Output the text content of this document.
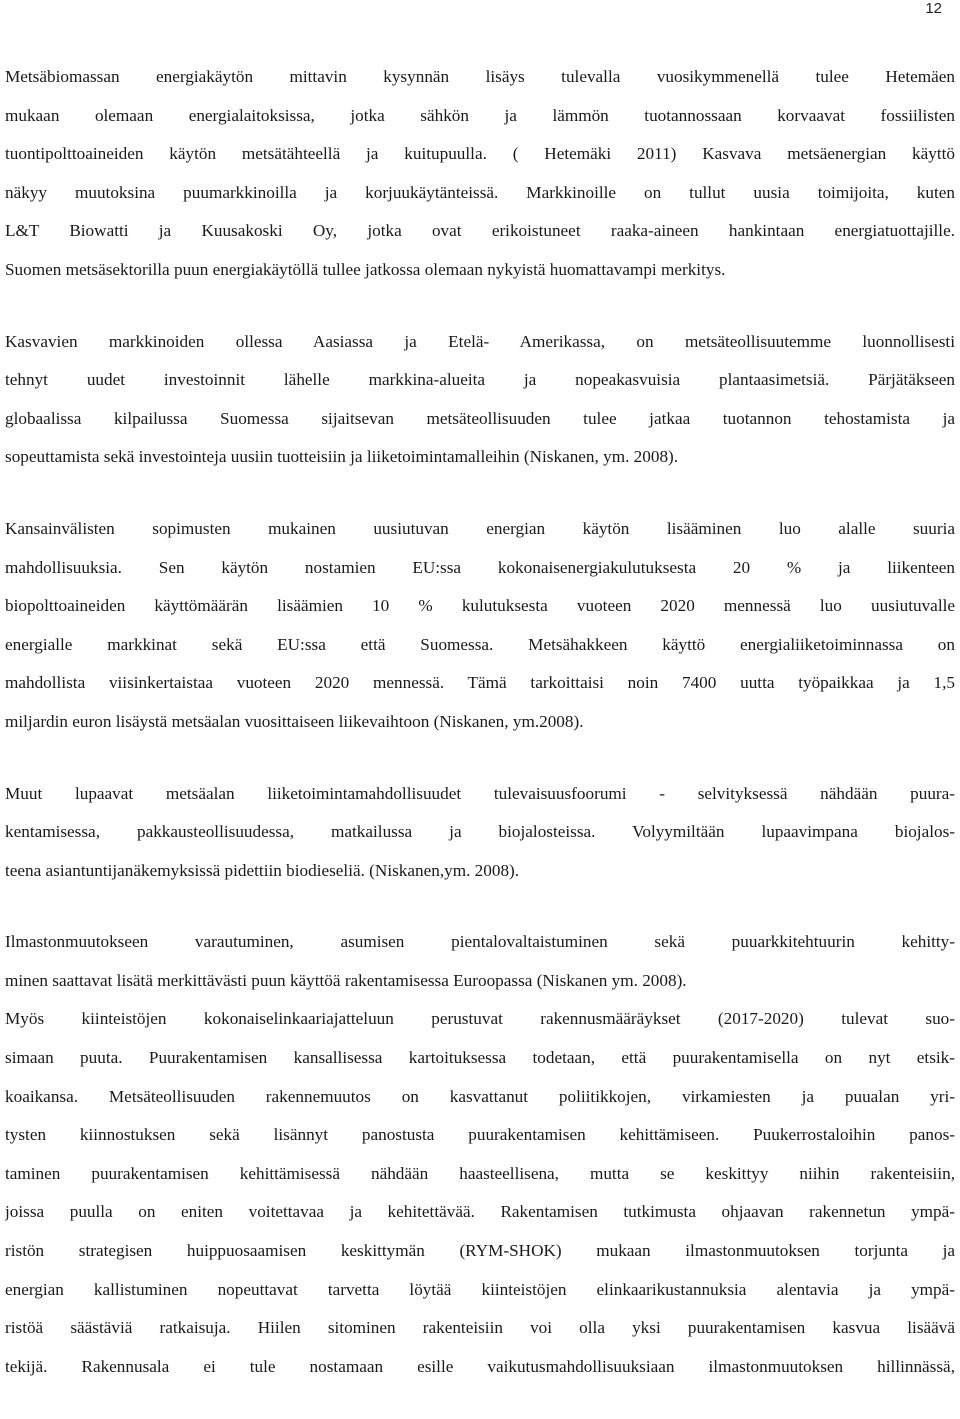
12
Metsäbiomassan energiakäytön mittavin kysynnän lisäys tulevalla vuosikymmenellä tulee Hetemäen
mukaan olemaan energialaitoksissa, jotka sähkön ja lämmön tuotannossaan korvaavat fossiilisten
tuontipolttoaineiden käytön metsätähteellä ja kuitupuulla. ( Hetemäki 2011) Kasvava metsäenergian käyttö
näkyy muutoksina puumarkkinoilla ja korjuukäytänteissä. Markkinoille on tullut uusia toimijoita, kuten
L&T Biowatti ja Kuusakoski Oy, jotka ovat erikoistuneet raaka-aineen hankintaan energiatuottajille.
Suomen metsäsektorilla puun energiakäytöllä tullee jatkossa olemaan nykyistä huomattavampi merkitys.
Kasvavien markkinoiden ollessa Aasiassa ja Etelä- Amerikassa, on metsäteollisuutemme luonnollisesti
tehnyt uudet investoinnit lähelle markkina-alueita ja nopeakasvuisia plantaasimetsiä. Pärjätäkseen
globaalissa kilpailussa Suomessa sijaitsevan metsäteollisuuden tulee jatkaa tuotannon tehostamista ja
sopeuttamista sekä investointeja uusiin tuotteisiin ja liiketoimintamalleihin (Niskanen, ym. 2008).
Kansainvälisten sopimusten mukainen uusiutuvan energian käytön lisääminen luo alalle suuria
mahdollisuuksia. Sen käytön nostamien EU:ssa kokonaisenergiakulutuksesta 20 % ja liikenteen
biopolttoaineiden käyttömäärän lisäämien 10 % kulutuksesta vuoteen 2020 mennessä luo uusiutuvalle
energialle markkinat sekä EU:ssa että Suomessa. Metsähakkeen käyttö energialiiketoiminnassa on
mahdollista viisinkertaistaa vuoteen 2020 mennessä. Tämä tarkoittaisi noin 7400 uutta työpaikkaa ja 1,5
miljardin euron lisäystä metsäalan vuosittaiseen liikevaihtoon (Niskanen, ym.2008).
Muut lupaavat metsäalan liiketoimintamahdollisuudet tulevaisuusfoorumi - selvityksessä nähdään puura-
kentamisessa, pakkausteollisuudessa, matkailussa ja biojalosteissa. Volyymiltään lupaavimpana biojalos-
teena asiantuntijanäkemyksissä pidettiin biodieseliä. (Niskanen,ym. 2008).
Ilmastonmuutokseen varautuminen, asumisen pientalovaltaistuminen sekä puuarkkitehtuurin kehitty-
minen saattavat lisätä merkittävästi puun käyttöä rakentamisessa Euroopassa (Niskanen ym. 2008).
Myös kiinteistöjen kokonaiselinkaariajatteluun perustuvat rakennusmääräykset (2017-2020) tulevat suo-
simaan puuta. Puurakentamisen kansallisessa kartoituksessa todetaan, että puurakentamisella on nyt etsik-
koaikansa. Metsäteollisuuden rakennemuutos on kasvattanut poliitikkojen, virkamiesten ja puualan yri-
tysten kiinnostuksen sekä lisännyt panostusta puurakentamisen kehittämiseen. Puukerrostaloihin panos-
taminen puurakentamisen kehittämisessä nähdään haasteellisena, mutta se keskittyy niihin rakenteisiin,
joissa puulla on eniten voitettavaa ja kehitettävää. Rakentamisen tutkimusta ohjaavan rakennetun ympä-
ristön strategisen huippuosaamisen keskittymän (RYM-SHOK) mukaan ilmastonmuutoksen torjunta ja
energian kallistuminen nopeuttavat tarvetta löytää kiinteistöjen elinkaarikustannuksia alentavia ja ympä-
ristöä säästäviä ratkaisuja. Hiilen sitominen rakenteisiin voi olla yksi puurakentamisen kasvua lisäävä
tekijä. Rakennusala ei tule nostamaan esille vaikutusmahdollisuuksiaan ilmastonmuutoksen hillinnässä,
